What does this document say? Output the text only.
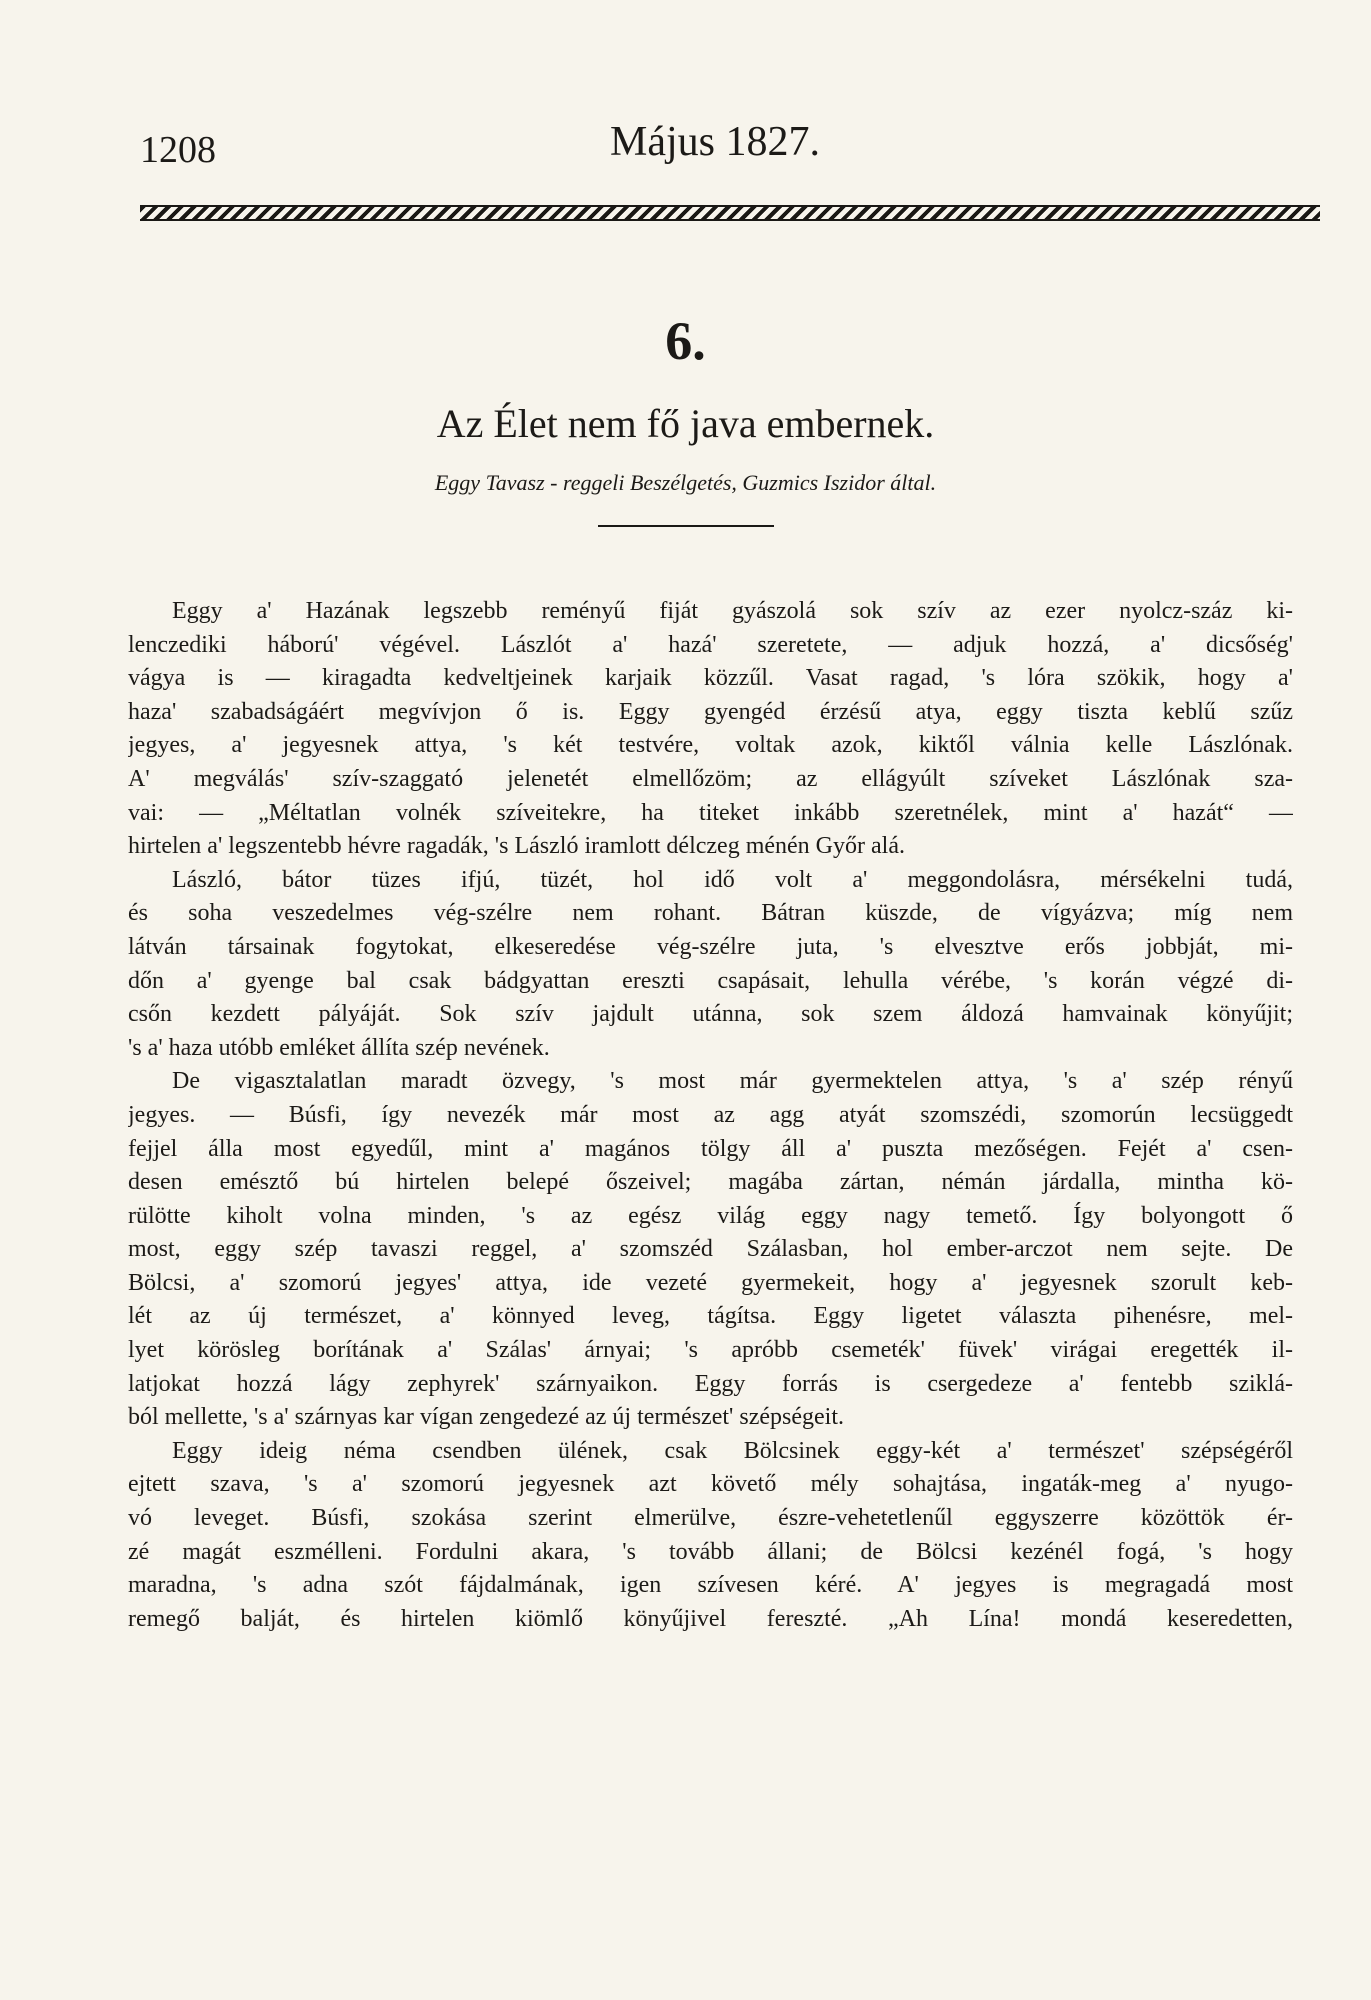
1208	Május 1827.
6.
Az Élet nem fő java embernek.
Eggy Tavasz - reggeli Beszélgetés, Guzmics Iszidor által.
Eggy a' Hazának legszebb reményű fiját gyászolá sok szív az ezer nyolcz-száz ki-
lenczediki háború' végével. Lászlót a' hazá' szeretete, — adjuk hozzá, a' dicsőség'
vágya is — kiragadta kedveltjeinek karjaik közzűl. Vasat ragad, 's lóra szökik, hogy a'
haza' szabadságáért megvívjon ő is. Eggy gyengéd érzésű atya, eggy tiszta keblű szűz
jegyes, a' jegyesnek attya, 's két testvére, voltak azok, kiktől válnia kelle Lászlónak.
A' megválás' szív-szaggató jelenetét elmellőzöm; az ellágyúlt szíveket Lászlónak sza-
vai: — „Méltatlan volnék szíveitekre, ha titeket inkább szeretnélek, mint a' hazát“ —
hirtelen a' legszentebb hévre ragadák, 's László iramlott délczeg ménén Győr alá.
László, bátor tüzes ifjú, tüzét, hol idő volt a' meggondolásra, mérsékelni tudá,
és soha veszedelmes vég-szélre nem rohant. Bátran küszde, de vígyázva; míg nem
látván társainak fogytokat, elkeseredése vég-szélre juta, 's elvesztve erős jobbját, mi-
dőn a' gyenge bal csak bádgyattan ereszti csapásait, lehulla vérébe, 's korán végzé di-
csőn kezdett pályáját. Sok szív jajdult utánna, sok szem áldozá hamvainak könyűjit;
's a' haza utóbb emléket állíta szép nevének.
De vigasztalatlan maradt özvegy, 's most már gyermektelen attya, 's a' szép rényű
jegyes. — Búsfi, így nevezék már most az agg atyát szomszédi, szomorún lecsüggedt
fejjel álla most egyedűl, mint a' magános tölgy áll a' puszta mezőségen. Fejét a' csen-
desen emésztő bú hirtelen belepé őszeivel; magába zártan, némán járdalla, mintha kö-
rülötte kiholt volna minden, 's az egész világ eggy nagy temető. Így bolyongott ő
most, eggy szép tavaszi reggel, a' szomszéd Szálasban, hol ember-arczot nem sejte. De
Bölcsi, a' szomorú jegyes' attya, ide vezeté gyermekeit, hogy a' jegyesnek szorult keb-
lét az új természet, a' könnyed leveg, tágítsa. Eggy ligetet választa pihenésre, mel-
lyet körösleg borítának a' Szálas' árnyai; 's apróbb csemeték' füvek' virágai eregették il-
latjokat hozzá lágy zephyrek' szárnyaikon. Eggy forrás is csergedeze a' fentebb sziklá-
ból mellette, 's a' szárnyas kar vígan zengedezé az új természet' szépségeit.
Eggy ideig néma csendben ülének, csak Bölcsinek eggy-két a' természet' szépségéről
ejtett szava, 's a' szomorú jegyesnek azt követő mély sohajtása, ingaták-meg a' nyugo-
vó leveget. Búsfi, szokása szerint elmerülve, észre-vehetetlenűl eggyszerre közöttök ér-
zé magát eszmélleni. Fordulni akara, 's tovább állani; de Bölcsi kezénél fogá, 's hogy
maradna, 's adna szót fájdalmának, igen szívesen kéré. A' jegyes is megragadá most
remegő balját, és hirtelen kiömlő könyűjivel fereszté. „Ah Lína! mondá keseredetten,
